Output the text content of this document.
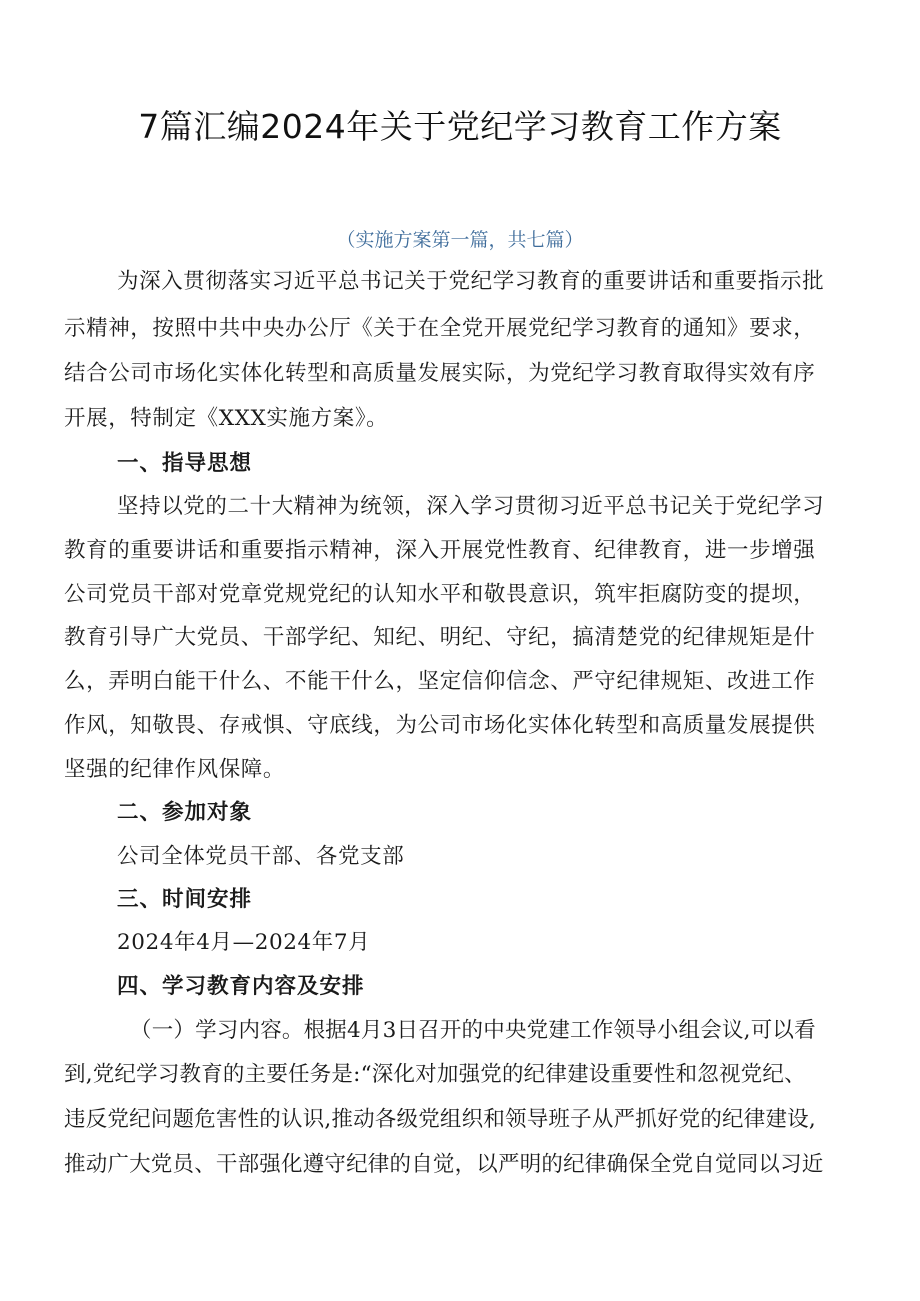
7篇汇编2024年关于党纪学习教育工作方案
（实施方案第一篇，共七篇）
为深入贯彻落实习近平总书记关于党纪学习教育的重要讲话和重要指示批
示精神，按照中共中央办公厅《关于在全党开展党纪学习教育的通知》要求，
结合公司市场化实体化转型和高质量发展实际，为党纪学习教育取得实效有序
开展，特制定《XXX实施方案》。
一、指导思想
坚持以党的二十大精神为统领，深入学习贯彻习近平总书记关于党纪学习
教育的重要讲话和重要指示精神，深入开展党性教育、纪律教育，进一步增强
公司党员干部对党章党规党纪的认知水平和敬畏意识，筑牢拒腐防变的提坝，
教育引导广大党员、干部学纪、知纪、明纪、守纪，搞清楚党的纪律规矩是什
么，弄明白能干什么、不能干什么，坚定信仰信念、严守纪律规矩、改进工作
作风，知敬畏、存戒惧、守底线，为公司市场化实体化转型和高质量发展提供
坚强的纪律作风保障。
二、参加对象
公司全体党员干部、各党支部
三、时间安排
2024年4月—2024年7月
四、学习教育内容及安排
（一）学习内容。根据4月3日召开的中央党建工作领导小组会议,可以看
到,党纪学习教育的主要任务是:“深化对加强党的纪律建设重要性和忽视党纪、
违反党纪问题危害性的认识,推动各级党组织和领导班子从严抓好党的纪律建设,
推动广大党员、干部强化遵守纪律的自觉，以严明的纪律确保全党自觉同以习近
